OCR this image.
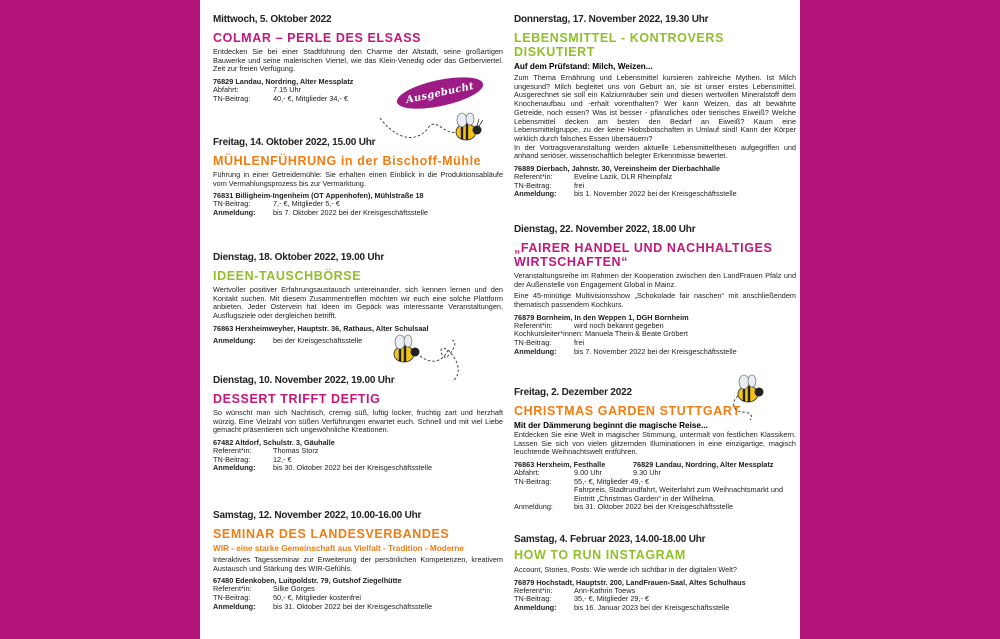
Mittwoch, 5. Oktober 2022
COLMAR – PERLE DES ELSASS
Entdecken Sie bei einer Stadtführung den Charme der Altstadt, seine großartigen Bauwerke und seine malerischen Viertel, wie das Klein-Venedig oder das Gerberviertel. Zeit zur freien Verfügung.
76829 Landau, Nordring, Alter Messplatz
Abfahrt:	7.15 Uhr
TN-Beitrag:	40,- €, Mitglieder 34,- €
Freitag, 14. Oktober 2022, 15.00 Uhr
MÜHLENFÜHRUNG in der Bischoff-Mühle
Führung in einer Getreidemühle: Sie erhalten einen Einblick in die Produktionsabläufe vom Vermahlungsprozess bis zur Vermarktung.
76831 Billigheim-Ingenheim (OT Appenhofen), Mühlstraße 18
TN-Beitrag:	7,- €, Mitglieder 5,- €
Anmeldung:	bis 7. Oktober 2022 bei der Kreisgeschäftsstelle
Dienstag, 18. Oktober 2022, 19.00 Uhr
IDEEN-TAUSCHBÖRSE
Wertvoller positiver Erfahrungsaustausch untereinander, sich kennen lernen und den Kontakt suchen. Mit diesem Zusammentreffen möchten wir euch eine solche Plattform anbieten. Jeder Ostervein hat Ideen im Gepäck was interessante Veranstaltungen, Ausflugsziele oder dergleichen betrifft.
76863 Herxheimweyher, Hauptstr. 36, Rathaus, Alter Schulsaal
Anmeldung:	bei der Kreisgeschäftsstelle
Dienstag, 10. November 2022, 19.00 Uhr
DESSERT TRIFFT DEFTIG
So wünscht man sich Nachtisch, cremig süß, luftig locker, fruchtig zart und herzhaft würzig. Eine Vielzahl von süßen Verführungen erwartet euch. Schnell und mit viel Liebe gemacht präsentieren sich ungewöhnliche Kreationen.
67482 Altdorf, Schulstr. 3, Gäuhalle
Referent*in:	Thomas Storz
TN-Beitrag:	12,- €
Anmeldung:	bis 30. Oktober 2022 bei der Kreisgeschäftsstelle
Samstag, 12. November 2022, 10.00-16.00 Uhr
SEMINAR DES LANDESVERBANDES
WIR - eine starke Gemeinschaft aus Vielfalt - Tradition - Moderne
Interaktives Tagesseminar zur Erweiterung der persönlichen Kompetenzen, kreativem Austausch und Stärkung des WIR-Gefühls.
67480 Edenkoben, Luitpoldstr. 79, Gutshof Ziegelhütte
Referent*in:	Silke Gorges
TN-Beitrag:	50,- €, Mitglieder kostenfrei
Anmeldung:	bis 31. Oktober 2022 bei der Kreisgeschäftsstelle
Donnerstag, 17. November 2022, 19.30 Uhr
LEBENSMITTEL - KONTROVERS DISKUTIERT
Auf dem Prüfstand: Milch, Weizen...
Zum Thema Ernährung und Lebensmittel kursieren zahlreiche Mythen. Ist Milch ungesund? Milch begleitet uns von Geburt an, sie ist unser erstes Lebensmittel. Ausgerechnet sie soll ein Kalziumräuber sein und diesen wertvollen Mineralstoff dem Knochenaufbau und -erhalt vorenthalten? Wer kann Weizen, das alt bewährte Getreide, noch essen? Was ist besser - pflanzliches oder tierisches Eiweiß? Welche Lebensmittel decken am besten den Bedarf an Eiweiß? Kaum eine Lebensmittelgruppe, zu der keine Hiobsbotschaften in Umlauf sind! Kann der Körper wirklich durch falsches Essen übersäuern?
In der Vortragsveranstaltung werden aktuelle Lebensmittelthesen aufgegriffen und anhand seriöser, wissenschaftlich belegter Erkenntnisse bewertet.
76889 Dierbach, Jahnstr. 30, Vereinsheim der Dierbachhalle
Referent*in:	Eveline Lazik, DLR Rheinpfalz
TN-Beitrag:	frei
Anmeldung:	bis 1. November 2022 bei der Kreisgeschäftsstelle
Dienstag, 22. November 2022, 18.00 Uhr
„FAIRER HANDEL UND NACHHALTIGES WIRTSCHAFTEN“
Veranstaltungsreihe im Rahmen der Kooperation zwischen den LandFrauen Pfalz und der Außenstelle von Engagement Global in Mainz.
Eine 45-minütige Multivisionsshow „Schokolade fair naschen“ mit anschließendem thematisch passendem Kochkurs.
76879 Bornheim, In den Weppen 1, DGH Bornheim
Referent*in:	wird noch bekannt gegeben
Kochkursleiter*innen:
Manuela Thein & Beate Gröbert
TN-Beitrag:	frei
Anmeldung:	bis 7. November 2022 bei der Kreisgeschäftsstelle
Freitag, 2. Dezember 2022
CHRISTMAS GARDEN STUTTGART
Mit der Dämmerung beginnt die magische Reise...
Entdecken Sie eine Welt in magischer Stimmung, untermalt von festlichen Klassikern. Lassen Sie sich von vielen glitzernden Illuminationen in eine einzigartige, magisch leuchtende Weihnachtswelt entführen.
76863 Herxheim, Festhalle	76829 Landau, Nordring, Alter Messplatz
Abfahrt:	9.00 Uhr	9.30 Uhr
TN-Beitrag:	55,- €, Mitglieder 49,- €
Fahrpreis, Stadtrundfahrt, Weiterfahrt zum Weihnachtsmarkt und Eintritt „Christmas Garden“ in der Wilhelma.
Anmeldung:	bis 31. Oktober 2022 bei der Kreisgeschäftsstelle
Samstag, 4. Februar 2023, 14.00-18.00 Uhr
HOW TO RUN INSTAGRAM
Account, Stories, Posts: Wie werde ich sichtbar in der digitalen Welt?
76879 Hochstadt, Hauptstr. 200, LandFrauen-Saal, Altes Schulhaus
Referent*in:	Ann-Kathrin Toews
TN-Beitrag:	35,- €, Mitglieder 29,- €
Anmeldung:	bis 16. Januar 2023 bei der Kreisgeschäftsstelle
Ausgebucht
